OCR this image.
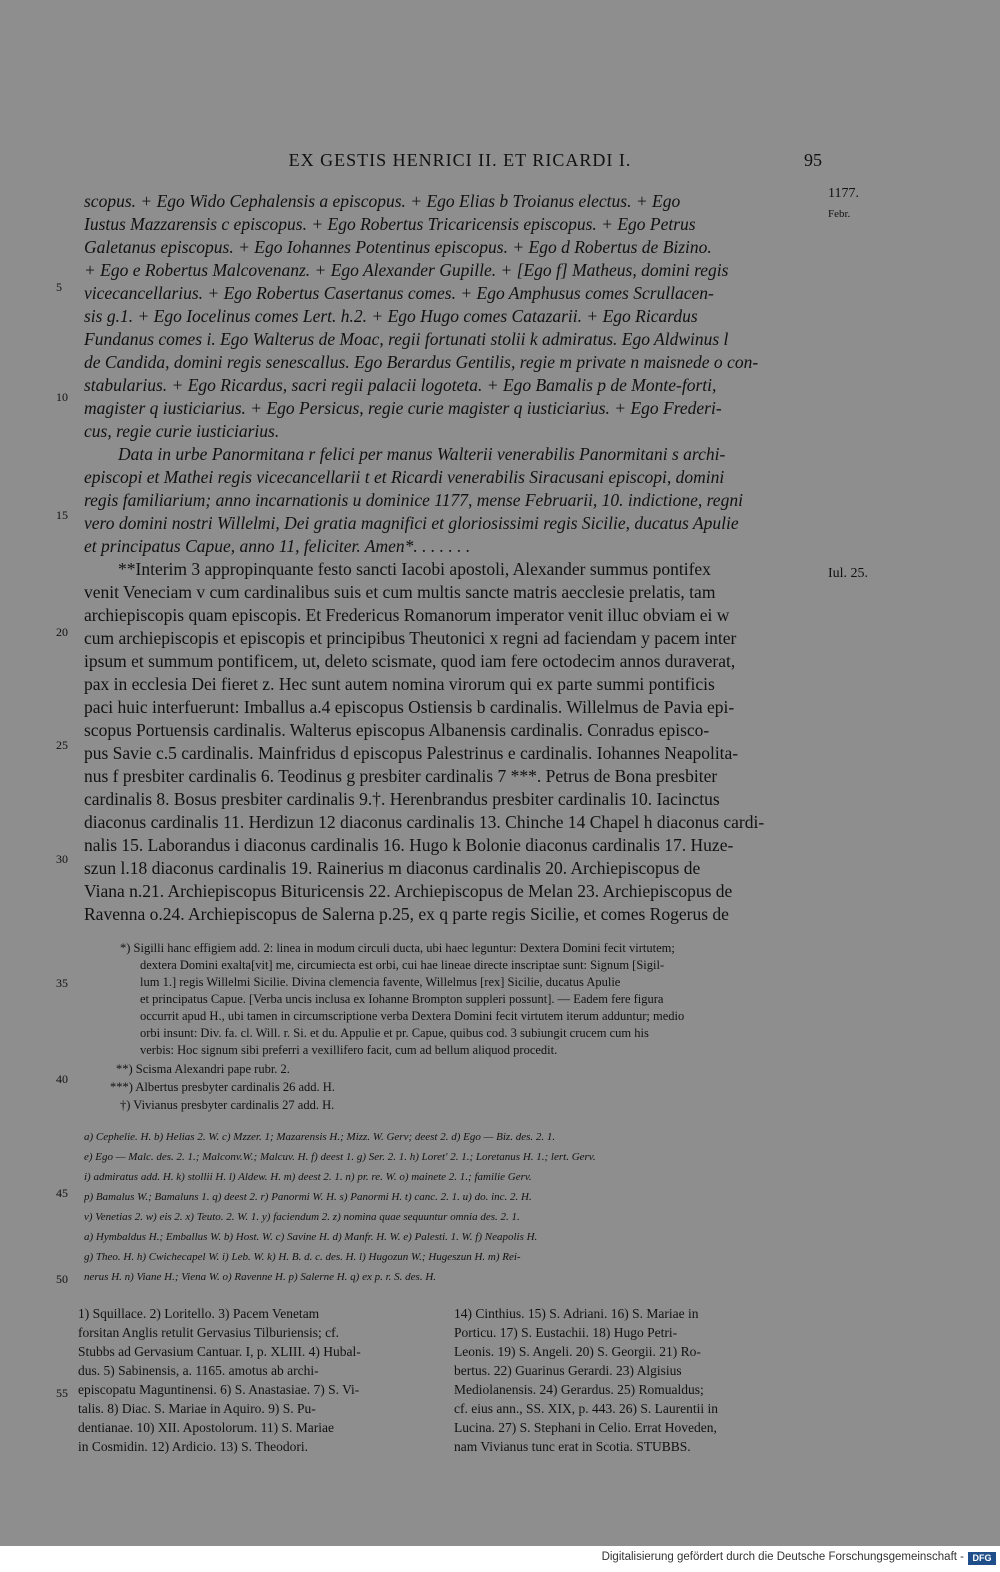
EX GESTIS HENRICI II. ET RICARDI I.	95
1177.
Febr.
Iul. 25.
5
10
15
20
25
30
35
40
45
50
55
scopus. + Ego Wido Cephalensis a episcopus. + Ego Elias b Troianus electus. + Ego
Iustus Mazzarensis c episcopus. + Ego Robertus Tricaricensis episcopus. + Ego Petrus
Galetanus episcopus. + Ego Iohannes Potentinus episcopus. + Ego d Robertus de Bizino.
+ Ego e Robertus Malcovenanz. + Ego Alexander Gupille. + [Ego f] Matheus, domini regis
vicecancellarius. + Ego Robertus Casertanus comes. + Ego Amphusus comes Scrullacen-
sis g.1. + Ego Iocelinus comes Lert. h.2. + Ego Hugo comes Catazarii. + Ego Ricardus
Fundanus comes i. Ego Walterus de Moac, regii fortunati stolii k admiratus. Ego Aldwinus l
de Candida, domini regis senescallus. Ego Berardus Gentilis, regie m private n maisnede o con-
stabularius. + Ego Ricardus, sacri regii palacii logoteta. + Ego Bamalis p de Monte-forti,
magister q iusticiarius. + Ego Persicus, regie curie magister q iusticiarius. + Ego Frederi-
cus, regie curie iusticiarius.
Data in urbe Panormitana r felici per manus Walterii venerabilis Panormitani s archi-
episcopi et Mathei regis vicecancellarii t et Ricardi venerabilis Siracusani episcopi, domini
regis familiarium; anno incarnationis u dominice 1177, mense Februarii, 10. indictione, regni
vero domini nostri Willelmi, Dei gratia magnifici et gloriosissimi regis Sicilie, ducatus Apulie
et principatus Capue, anno 11, feliciter. Amen*. . . . . . .
**Interim 3 appropinquante festo sancti Iacobi apostoli, Alexander summus pontifex
venit Veneciam v cum cardinalibus suis et cum multis sancte matris aecclesie prelatis, tam
archiepiscopis quam episcopis. Et Fredericus Romanorum imperator venit illuc obviam ei w
cum archiepiscopis et episcopis et principibus Theutonici x regni ad faciendam y pacem inter
ipsum et summum pontificem, ut, deleto scismate, quod iam fere octodecim annos duraverat,
pax in ecclesia Dei fieret z. Hec sunt autem nomina virorum qui ex parte summi pontificis
paci huic interfuerunt: Imballus a.4 episcopus Ostiensis b cardinalis. Willelmus de Pavia epi-
scopus Portuensis cardinalis. Walterus episcopus Albanensis cardinalis. Conradus episco-
pus Savie c.5 cardinalis. Mainfridus d episcopus Palestrinus e cardinalis. Iohannes Neapolita-
nus f presbiter cardinalis 6. Teodinus g presbiter cardinalis 7 ***. Petrus de Bona presbiter
cardinalis 8. Bosus presbiter cardinalis 9.†. Herenbrandus presbiter cardinalis 10. Iacinctus
diaconus cardinalis 11. Herdizun 12 diaconus cardinalis 13. Chinche 14 Chapel h diaconus cardi-
nalis 15. Laborandus i diaconus cardinalis 16. Hugo k Bolonie diaconus cardinalis 17. Huze-
szun l.18 diaconus cardinalis 19. Rainerius m diaconus cardinalis 20. Archiepiscopus de
Viana n.21. Archiepiscopus Bituricensis 22. Archiepiscopus de Melan 23. Archiepiscopus de
Ravenna o.24. Archiepiscopus de Salerna p.25, ex q parte regis Sicilie, et comes Rogerus de
*) Sigilli hanc effigiem add. 2: linea in modum circuli ducta, ubi haec leguntur: Dextera Domini fecit virtutem;
dextera Domini exalta[vit] me, circumiecta est orbi, cui hae lineae directe inscriptae sunt: Signum [Sigil-
lum 1.] regis Willelmi Sicilie. Divina clemencia favente, Willelmus [rex] Sicilie, ducatus Apulie
et principatus Capue. [Verba uncis inclusa ex Iohanne Brompton suppleri possunt]. — Eadem fere figura
occurrit apud H., ubi tamen in circumscriptione verba Dextera Domini fecit virtutem iterum adduntur; medio
orbi insunt: Div. fa. cl. Will. r. Si. et du. Appulie et pr. Capue, quibus cod. 3 subiungit crucem cum his
verbis: Hoc signum sibi preferri a vexillifero facit, cum ad bellum aliquod procedit.
**) Scisma Alexandri pape rubr. 2.
***) Albertus presbyter cardinalis 26 add. H.
†) Vivianus presbyter cardinalis 27 add. H.
a) Cephelie. H. b) Helias 2. W. c) Mzzer. 1; Mazarensis H.; Mizz. W. Gerv; deest 2. d) Ego — Biz. des. 2. 1.
e) Ego — Malc. des. 2. 1.; Malconv.W.; Malcuv. H. f) deest 1. g) Ser. 2. 1. h) Loret' 2. 1.; Loretanus H. 1.; lert. Gerv.
i) admiratus add. H. k) stollii H. l) Aldew. H. m) deest 2. 1. n) pr. re. W. o) mainete 2. 1.; familie Gerv.
p) Bamalus W.; Bamaluns 1. q) deest 2. r) Panormi W. H. s) Panormi H. t) canc. 2. 1. u) do. inc. 2. H.
v) Venetias 2. w) eis 2. x) Teuto. 2. W. 1. y) faciendum 2. z) nomina quae sequuntur omnia des. 2. 1.
a) Hymbaldus H.; Emballus W. b) Host. W. c) Savine H. d) Manfr. H. W. e) Palesti. 1. W. f) Neapolis H.
g) Theo. H. h) Cwichecapel W. i) Leb. W. k) H. B. d. c. des. H. l) Hugozun W.; Hugeszun H. m) Rei-
nerus H. n) Viane H.; Viena W. o) Ravenne H. p) Salerne H. q) ex p. r. S. des. H.
1) Squillace. 2) Loritello. 3) Pacem Venetam
forsitan Anglis retulit Gervasius Tilburiensis; cf.
Stubbs ad Gervasium Cantuar. I, p. XLIII. 4) Hubal-
dus. 5) Sabinensis, a. 1165. amotus ab archi-
episcopatu Maguntinensi. 6) S. Anastasiae. 7) S. Vi-
talis. 8) Diac. S. Mariae in Aquiro. 9) S. Pu-
dentianae. 10) XII. Apostolorum. 11) S. Mariae
in Cosmidin. 12) Ardicio. 13) S. Theodori.
14) Cinthius. 15) S. Adriani. 16) S. Mariae in
Porticu. 17) S. Eustachii. 18) Hugo Petri-
Leonis. 19) S. Angeli. 20) S. Georgii. 21) Ro-
bertus. 22) Guarinus Gerardi. 23) Algisius
Mediolanensis. 24) Gerardus. 25) Romualdus;
cf. eius ann., SS. XIX, p. 443. 26) S. Laurentii in
Lucina. 27) S. Stephani in Celio. Errat Hoveden,
nam Vivianus tunc erat in Scotia. STUBBS.
Digitalisierung gefördert durch die Deutsche Forschungsgemeinschaft - DFG
